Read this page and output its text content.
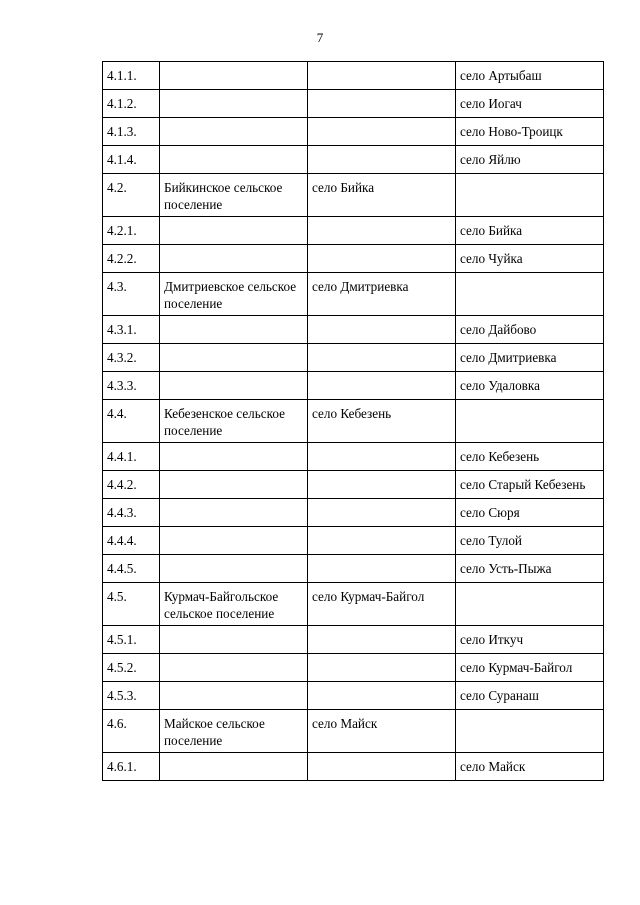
7
4.1.1.			село Артыбаш
4.1.2.			село Иогач
4.1.3.			село Ново-Троицк
4.1.4.			село Яйлю
4.2.	Бийкинское сельское поселение	село Бийка	
4.2.1.			село Бийка
4.2.2.			село Чуйка
4.3.	Дмитриевское сельское поселение	село Дмитриевка	
4.3.1.			село Дайбово
4.3.2.			село Дмитриевка
4.3.3.			село Удаловка
4.4.	Кебезенское сельское поселение	село Кебезень	
4.4.1.			село Кебезень
4.4.2.			село Старый Кебезень
4.4.3.			село Сюря
4.4.4.			село Тулой
4.4.5.			село Усть-Пыжа
4.5.	Курмач-Байгольское сельское поселение	село Курмач-Байгол	
4.5.1.			село Иткуч
4.5.2.			село Курмач-Байгол
4.5.3.			село Суранаш
4.6.	Майское сельское поселение	село Майск	
4.6.1.			село Майск
